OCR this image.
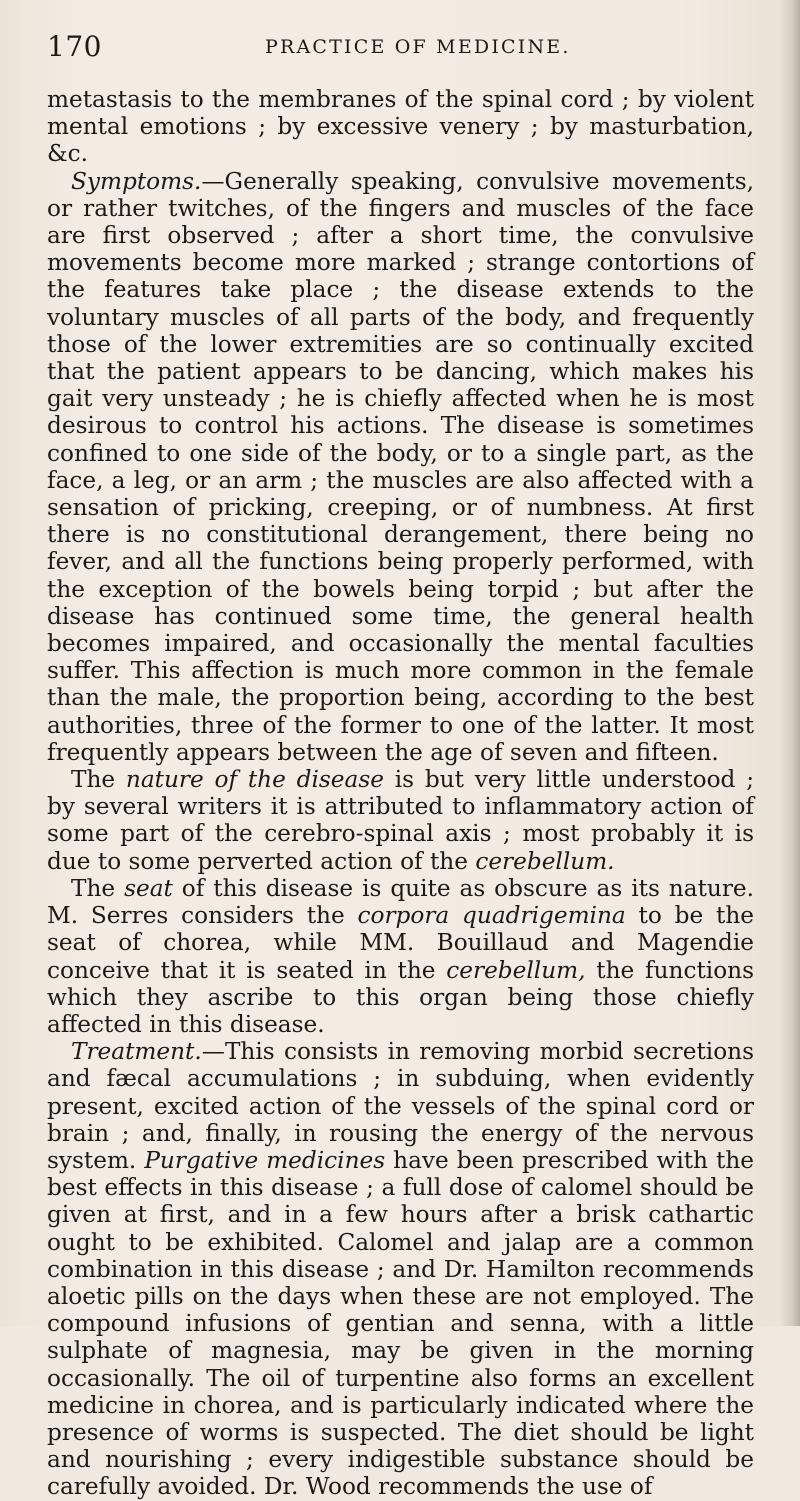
170	PRACTICE OF MEDICINE.

metastasis to the membranes of the spinal cord ; by violent mental emotions ; by excessive venery ; by masturbation, &c.

Symptoms.—Generally speaking, convulsive movements, or rather twitches, of the fingers and muscles of the face are first observed ; after a short time, the convulsive movements become more marked ; strange contortions of the features take place ; the disease extends to the voluntary muscles of all parts of the body, and frequently those of the lower extremities are so continually excited that the patient appears to be dancing, which makes his gait very unsteady ; he is chiefly affected when he is most desirous to control his actions. The disease is sometimes confined to one side of the body, or to a single part, as the face, a leg, or an arm ; the muscles are also affected with a sensation of pricking, creeping, or of numbness. At first there is no constitutional derangement, there being no fever, and all the functions being properly performed, with the exception of the bowels being torpid ; but after the disease has continued some time, the general health becomes impaired, and occasionally the mental faculties suffer. This affection is much more common in the female than the male, the proportion being, according to the best authorities, three of the former to one of the latter. It most frequently appears between the age of seven and fifteen.

The nature of the disease is but very little understood ; by several writers it is attributed to inflammatory action of some part of the cerebro-spinal axis ; most probably it is due to some perverted action of the cerebellum.

The seat of this disease is quite as obscure as its nature. M. Serres considers the corpora quadrigemina to be the seat of chorea, while MM. Bouillaud and Magendie conceive that it is seated in the cerebellum, the functions which they ascribe to this organ being those chiefly affected in this disease.

Treatment.—This consists in removing morbid secretions and fæcal accumulations ; in subduing, when evidently present, excited action of the vessels of the spinal cord or brain ; and, finally, in rousing the energy of the nervous system. Purgative medicines have been prescribed with the best effects in this disease ; a full dose of calomel should be given at first, and in a few hours after a brisk cathartic ought to be exhibited. Calomel and jalap are a common combination in this disease ; and Dr. Hamilton recommends aloetic pills on the days when these are not employed. The compound infusions of gentian and senna, with a little sulphate of magnesia, may be given in the morning occasionally. The oil of turpentine also forms an excellent medicine in chorea, and is particularly indicated where the presence of worms is suspected. The diet should be light and nourishing ; every indigestible substance should be carefully avoided. Dr. Wood recommends the use of
